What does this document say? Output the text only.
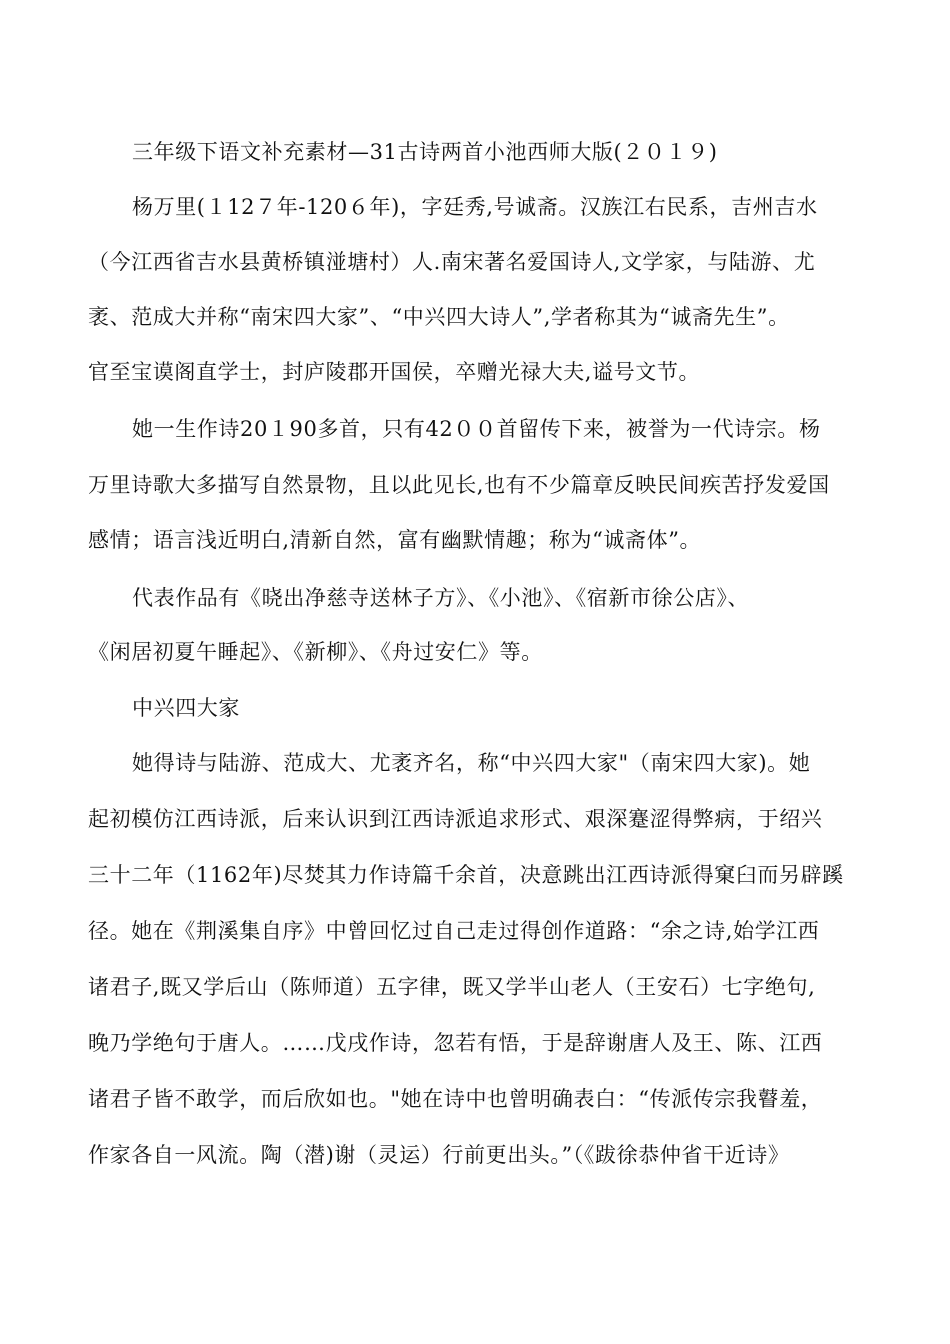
三年级下语文补充素材—31古诗两首小池西师大版(２０１９)
杨万里(１12７年-120６年)，字廷秀,号诚斋。汉族江右民系，吉州吉水
（今江西省吉水县黄桥镇湴塘村）人.南宋著名爱国诗人,文学家，与陆游、尤
袤、范成大并称“南宋四大家”、“中兴四大诗人”,学者称其为“诚斋先生”。
官至宝谟阁直学士，封庐陵郡开国侯，卒赠光禄大夫,谥号文节。
她一生作诗20１90多首，只有42００首留传下来，被誉为一代诗宗。杨
万里诗歌大多描写自然景物，且以此见长,也有不少篇章反映民间疾苦抒发爱国
感情；语言浅近明白,清新自然，富有幽默情趣；称为“诚斋体”。
代表作品有《晓出净慈寺送林子方》、《小池》、《宿新市徐公店》、
《闲居初夏午睡起》、《新柳》、《舟过安仁》等。
中兴四大家
她得诗与陆游、范成大、尤袤齐名，称“中兴四大家"（南宋四大家)。她
起初模仿江西诗派，后来认识到江西诗派追求形式、艰深蹇涩得弊病，于绍兴
三十二年（1162年)尽焚其力作诗篇千余首，决意跳出江西诗派得窠臼而另辟蹊
径。她在《荆溪集自序》中曾回忆过自己走过得创作道路：“余之诗,始学江西
诸君子,既又学后山（陈师道）五字律，既又学半山老人（王安石）七字绝句,
晚乃学绝句于唐人。……戊戌作诗，忽若有悟，于是辞谢唐人及王、陈、江西
诸君子皆不敢学，而后欣如也。"她在诗中也曾明确表白：“传派传宗我瞽羞，
作家各自一风流。陶（潜)谢（灵运）行前更出头。”（《跋徐恭仲省干近诗》
